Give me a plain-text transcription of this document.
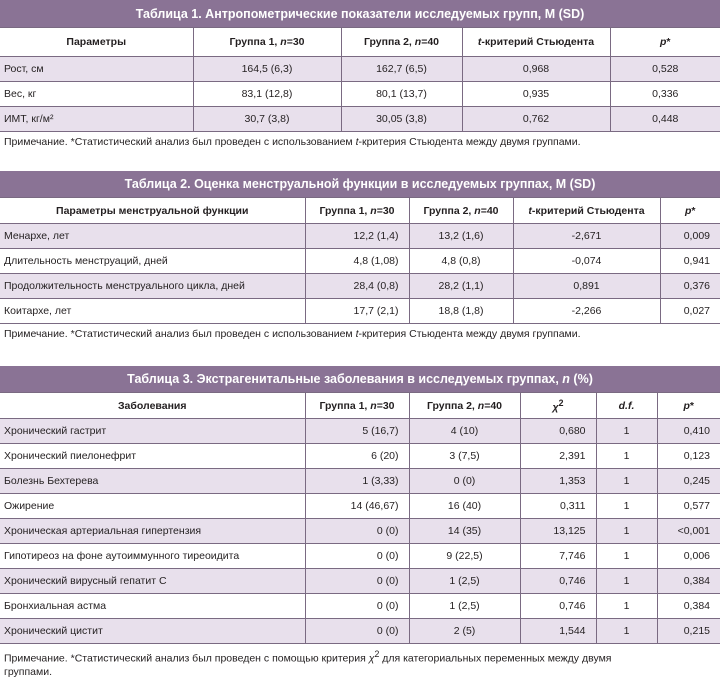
Таблица 1. Антропометрические показатели исследуемых групп, M (SD)
Параметры	Группа 1, n=30	Группа 2, n=40	t-критерий Стьюдента	p*
Рост, см	164,5 (6,3)	162,7 (6,5)	0,968	0,528
Вес, кг	83,1 (12,8)	80,1 (13,7)	0,935	0,336
ИМТ, кг/м²	30,7 (3,8)	30,05 (3,8)	0,762	0,448
Примечание. *Статистический анализ был проведен с использованием t-критерия Стьюдента между двумя группами.
Таблица 2. Оценка менструальной функции в исследуемых группах, M (SD)
Параметры менструальной функции	Группа 1, n=30	Группа 2, n=40	t-критерий Стьюдента	p*
Менархе, лет	12,2 (1,4)	13,2 (1,6)	-2,671	0,009
Длительность менструаций, дней	4,8 (1,08)	4,8 (0,8)	-0,074	0,941
Продолжительность менструального цикла, дней	28,4 (0,8)	28,2 (1,1)	0,891	0,376
Коитархе, лет	17,7 (2,1)	18,8 (1,8)	-2,266	0,027
Примечание. *Статистический анализ был проведен с использованием t-критерия Стьюдента между двумя группами.
Таблица 3. Экстрагенитальные заболевания в исследуемых группах, n (%)
Заболевания	Группа 1, n=30	Группа 2, n=40	$\chi^2$	d.f.	p*
Хронический гастрит	5 (16,7)	4 (10)	0,680	1	0,410
Хронический пиелонефрит	6 (20)	3 (7,5)	2,391	1	0,123
Болезнь Бехтерева	1 (3,33)	0 (0)	1,353	1	0,245
Ожирение	14 (46,67)	16 (40)	0,311	1	0,577
Хроническая артериальная гипертензия	0 (0)	14 (35)	13,125	1	<0,001
Гипотиреоз на фоне аутоиммунного тиреоидита	0 (0)	9 (22,5)	7,746	1	0,006
Хронический вирусный гепатит С	0 (0)	1 (2,5)	0,746	1	0,384
Бронхиальная астма	0 (0)	1 (2,5)	0,746	1	0,384
Хронический цистит	0 (0)	2 (5)	1,544	1	0,215
Примечание. *Статистический анализ был проведен с помощью критерия $\chi^2$ для категориальных переменных между двумя
группами.
